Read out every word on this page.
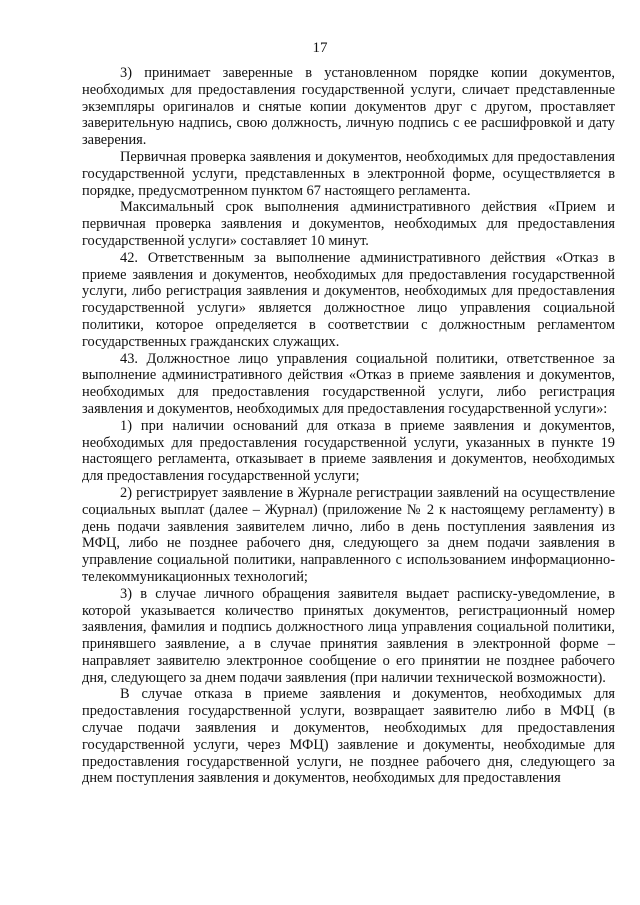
17

3) принимает заверенные в установленном порядке копии документов, необходимых для предоставления государственной услуги, сличает представленные экземпляры оригиналов и снятые копии документов друг с другом, проставляет заверительную надпись, свою должность, личную подпись с ее расшифровкой и дату заверения.

Первичная проверка заявления и документов, необходимых для предоставления государственной услуги, представленных в электронной форме, осуществляется в порядке, предусмотренном пунктом 67 настоящего регламента.

Максимальный срок выполнения административного действия «Прием и первичная проверка заявления и документов, необходимых для предоставления государственной услуги» составляет 10 минут.

42. Ответственным за выполнение административного действия «Отказ в приеме заявления и документов, необходимых для предоставления государственной услуги, либо регистрация заявления и документов, необходимых для предоставления государственной услуги» является должностное лицо управления социальной политики, которое определяется в соответствии с должностным регламентом государственных гражданских служащих.

43. Должностное лицо управления социальной политики, ответственное за выполнение административного действия «Отказ в приеме заявления и документов, необходимых для предоставления государственной услуги, либо регистрация заявления и документов, необходимых для предоставления государственной услуги»:

1) при наличии оснований для отказа в приеме заявления и документов, необходимых для предоставления государственной услуги, указанных в пункте 19 настоящего регламента, отказывает в приеме заявления и документов, необходимых для предоставления государственной услуги;

2) регистрирует заявление в Журнале регистрации заявлений на осуществление социальных выплат (далее – Журнал) (приложение № 2 к настоящему регламенту) в день подачи заявления заявителем лично, либо в день поступления заявления из МФЦ, либо не позднее рабочего дня, следующего за днем подачи заявления в управление социальной политики, направленного с использованием информационно-телекоммуникационных технологий;

3) в случае личного обращения заявителя выдает расписку-уведомление, в которой указывается количество принятых документов, регистрационный номер заявления, фамилия и подпись должностного лица управления социальной политики, принявшего заявление, а в случае принятия заявления в электронной форме – направляет заявителю электронное сообщение о его принятии не позднее рабочего дня, следующего за днем подачи заявления (при наличии технической возможности).

В случае отказа в приеме заявления и документов, необходимых для предоставления государственной услуги, возвращает заявителю либо в МФЦ (в случае подачи заявления и документов, необходимых для предоставления государственной услуги, через МФЦ) заявление и документы, необходимые для предоставления государственной услуги, не позднее рабочего дня, следующего за днем поступления заявления и документов, необходимых для предоставления
